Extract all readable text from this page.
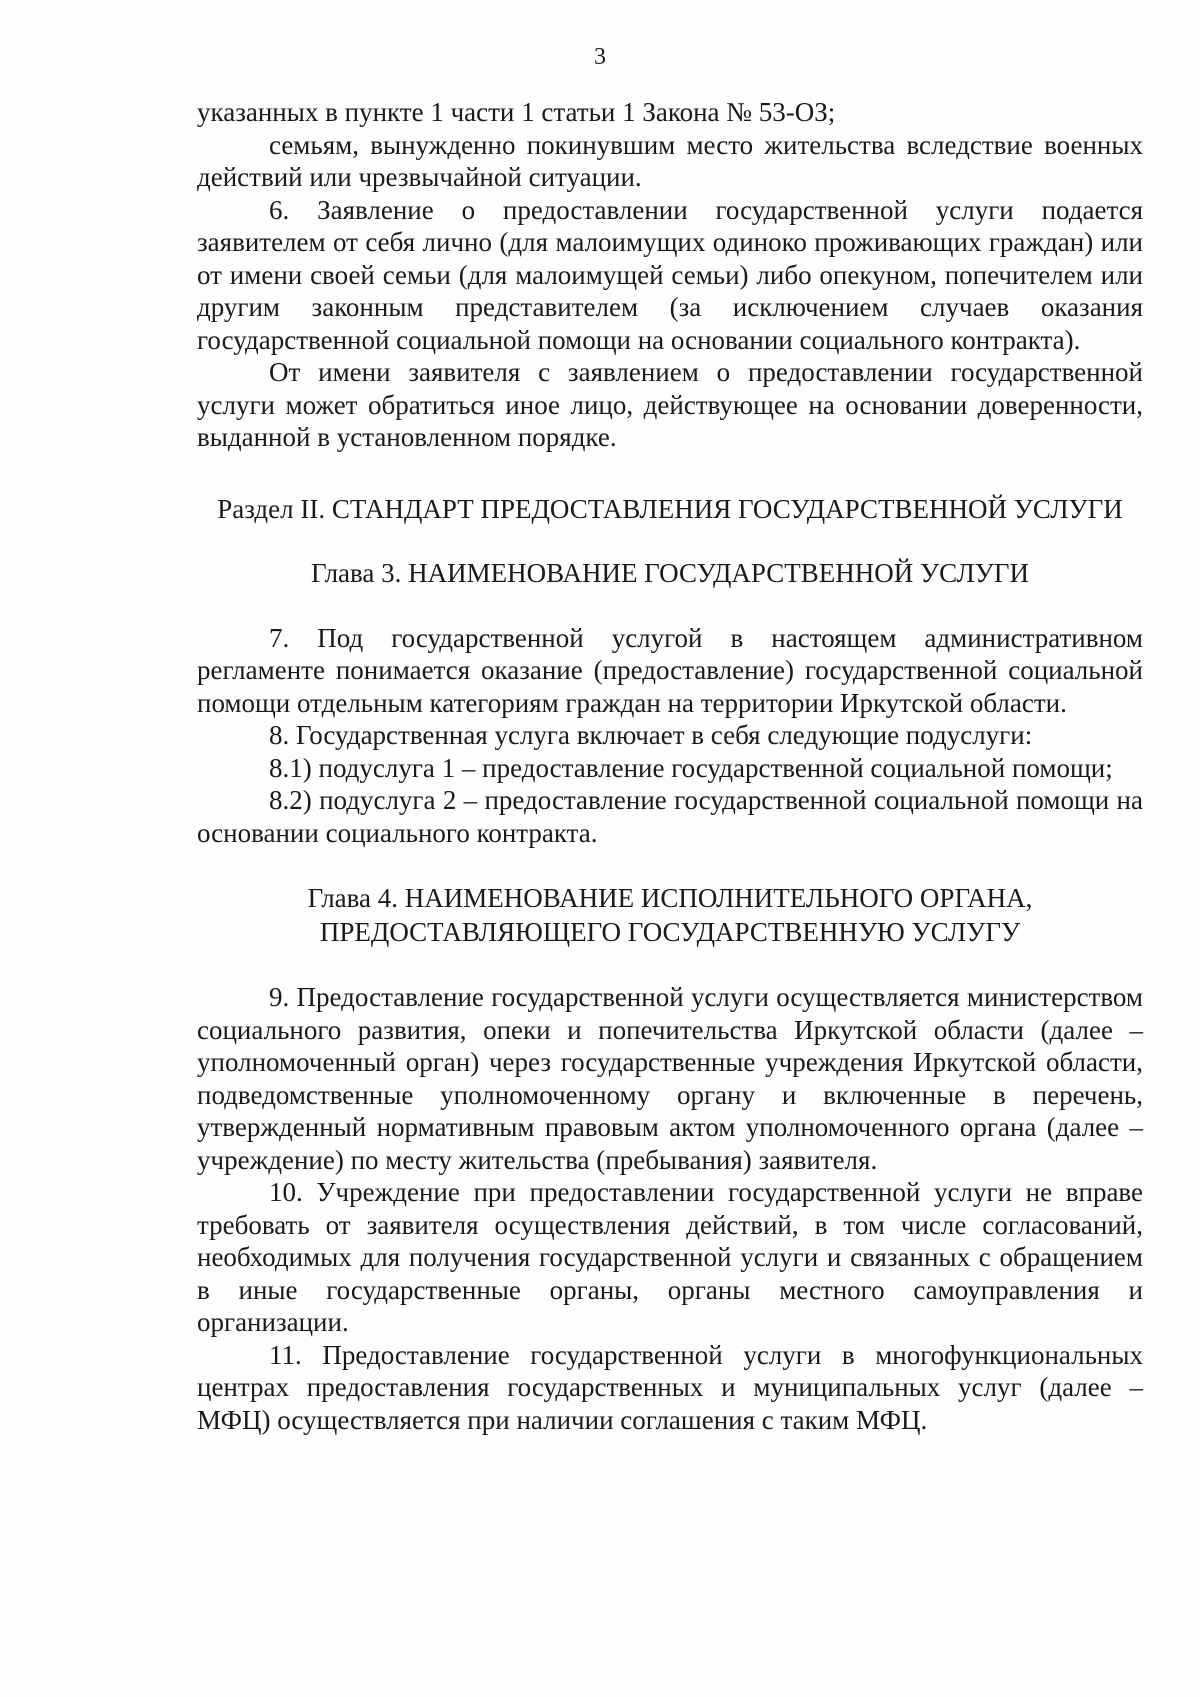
3

указанных в пункте 1 части 1 статьи 1 Закона № 53-ОЗ;

семьям, вынужденно покинувшим место жительства вследствие военных действий или чрезвычайной ситуации.

6. Заявление о предоставлении государственной услуги подается заявителем от себя лично (для малоимущих одиноко проживающих граждан) или от имени своей семьи (для малоимущей семьи) либо опекуном, попечителем или другим законным представителем (за исключением случаев оказания государственной социальной помощи на основании социального контракта).

От имени заявителя с заявлением о предоставлении государственной услуги может обратиться иное лицо, действующее на основании доверенности, выданной в установленном порядке.

Раздел II. СТАНДАРТ ПРЕДОСТАВЛЕНИЯ ГОСУДАРСТВЕННОЙ УСЛУГИ

Глава 3. НАИМЕНОВАНИЕ ГОСУДАРСТВЕННОЙ УСЛУГИ

7. Под государственной услугой в настоящем административном регламенте понимается оказание (предоставление) государственной социальной помощи отдельным категориям граждан на территории Иркутской области.

8. Государственная услуга включает в себя следующие подуслуги:

8.1) подуслуга 1 – предоставление государственной социальной помощи;

8.2) подуслуга 2 – предоставление государственной социальной помощи на основании социального контракта.

Глава 4. НАИМЕНОВАНИЕ ИСПОЛНИТЕЛЬНОГО ОРГАНА,
ПРЕДОСТАВЛЯЮЩЕГО ГОСУДАРСТВЕННУЮ УСЛУГУ

9. Предоставление государственной услуги осуществляется министерством социального развития, опеки и попечительства Иркутской области (далее – уполномоченный орган) через государственные учреждения Иркутской области, подведомственные уполномоченному органу и включенные в перечень, утвержденный нормативным правовым актом уполномоченного органа (далее – учреждение) по месту жительства (пребывания) заявителя.

10. Учреждение при предоставлении государственной услуги не вправе требовать от заявителя осуществления действий, в том числе согласований, необходимых для получения государственной услуги и связанных с обращением в иные государственные органы, органы местного самоуправления и организации.

11. Предоставление государственной услуги в многофункциональных центрах предоставления государственных и муниципальных услуг (далее – МФЦ) осуществляется при наличии соглашения с таким МФЦ.
